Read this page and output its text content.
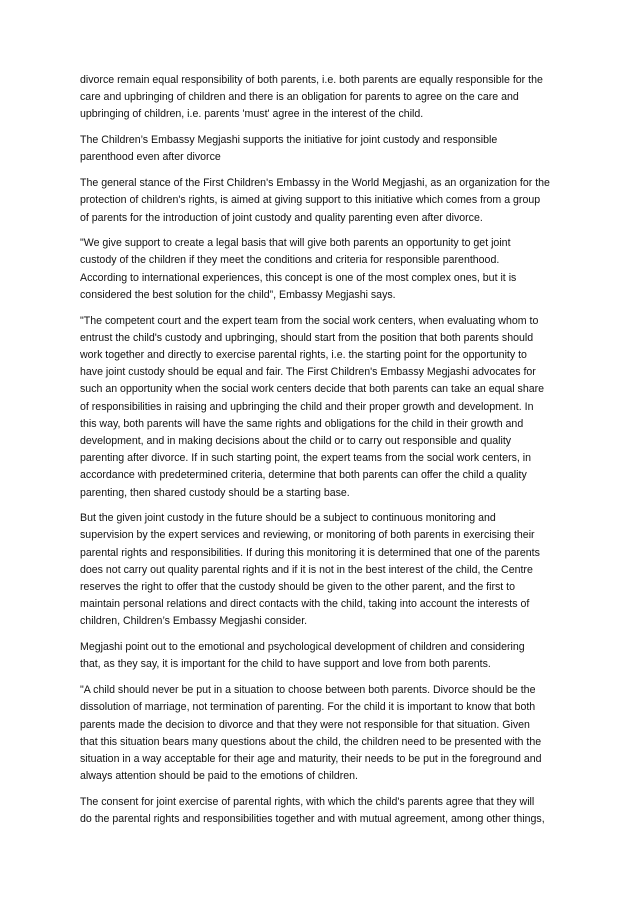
divorce remain equal responsibility of both parents, i.e. both parents are equally responsible for the
care and upbringing of children and there is an obligation for parents to agree on the care and
upbringing of children, i.e. parents 'must' agree in the interest of the child.

The Children’s Embassy Megjashi supports the initiative for joint custody and responsible
parenthood even after divorce

The general stance of the First Children's Embassy in the World Megjashi, as an organization for the
protection of children's rights, is aimed at giving support to this initiative which comes from a group
of parents for the introduction of joint custody and quality parenting even after divorce.

"We give support to create a legal basis that will give both parents an opportunity to get joint
custody of the children if they meet the conditions and criteria for responsible parenthood.
According to international experiences, this concept is one of the most complex ones, but it is
considered the best solution for the child”, Embassy Megjashi says.

"The competent court and the expert team from the social work centers, when evaluating whom to
entrust the child's custody and upbringing, should start from the position that both parents should
work together and directly to exercise parental rights, i.e. the starting point for the opportunity to
have joint custody should be equal and fair. The First Children's Embassy Megjashi advocates for
such an opportunity when the social work centers decide that both parents can take an equal share
of responsibilities in raising and upbringing the child and their proper growth and development. In
this way, both parents will have the same rights and obligations for the child in their growth and
development, and in making decisions about the child or to carry out responsible and quality
parenting after divorce. If in such starting point, the expert teams from the social work centers, in
accordance with predetermined criteria, determine that both parents can offer the child a quality
parenting, then shared custody should be a starting base.

But the given joint custody in the future should be a subject to continuous monitoring and
supervision by the expert services and reviewing, or monitoring of both parents in exercising their
parental rights and responsibilities. If during this monitoring it is determined that one of the parents
does not carry out quality parental rights and if it is not in the best interest of the child, the Centre
reserves the right to offer that the custody should be given to the other parent, and the first to
maintain personal relations and direct contacts with the child, taking into account the interests of
children, Children’s Embassy Megjashi consider.

Megjashi point out to the emotional and psychological development of children and considering
that, as they say, it is important for the child to have support and love from both parents.

"A child should never be put in a situation to choose between both parents. Divorce should be the
dissolution of marriage, not termination of parenting. For the child it is important to know that both
parents made the decision to divorce and that they were not responsible for that situation. Given
that this situation bears many questions about the child, the children need to be presented with the
situation in a way acceptable for their age and maturity, their needs to be put in the foreground and
always attention should be paid to the emotions of children.

The consent for joint exercise of parental rights, with which the child's parents agree that they will
do the parental rights and responsibilities together and with mutual agreement, among other things,
